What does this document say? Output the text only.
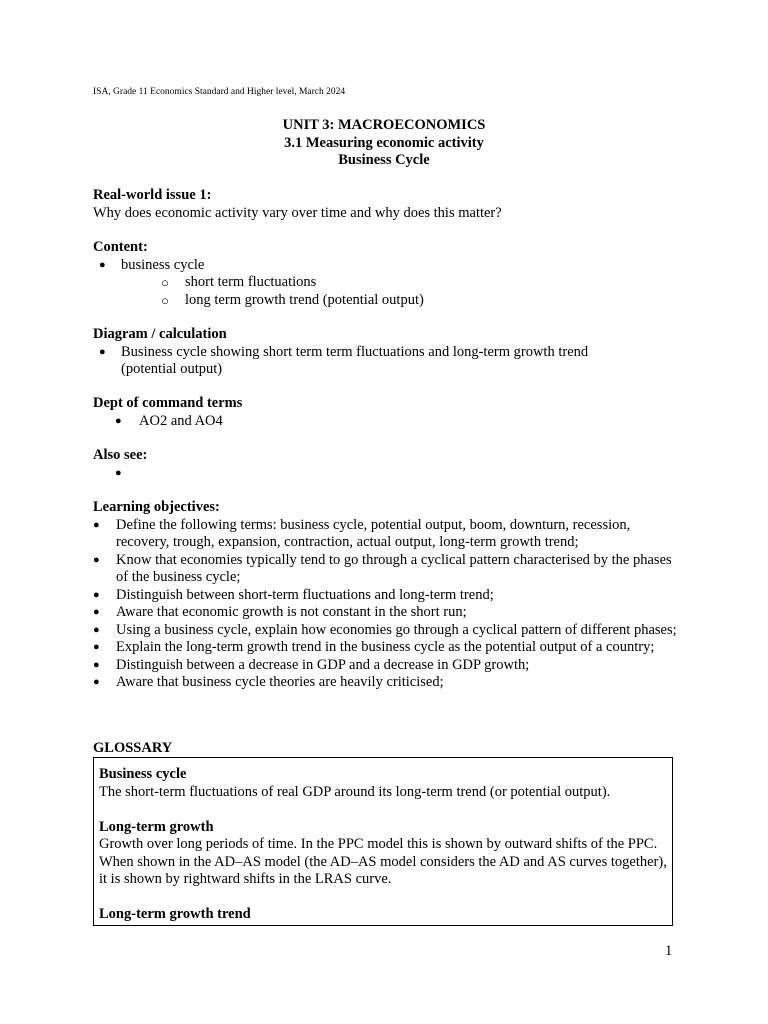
ISA, Grade 11 Economics Standard and Higher level, March 2024
UNIT 3: MACROECONOMICS
3.1 Measuring economic activity
Business Cycle
Real-world issue 1:
Why does economic activity vary over time and why does this matter?
Content:
● business cycle
○ short term fluctuations
○ long term growth trend (potential output)
Diagram / calculation
● Business cycle showing short term term fluctuations and long-term growth trend (potential output)
Dept of command terms
● AO2 and AO4
Also see:
●
Learning objectives:
● Define the following terms: business cycle, potential output, boom, downturn, recession, recovery, trough, expansion, contraction, actual output, long-term growth trend;
● Know that economies typically tend to go through a cyclical pattern characterised by the phases of the business cycle;
● Distinguish between short-term fluctuations and long-term trend;
● Aware that economic growth is not constant in the short run;
● Using a business cycle, explain how economies go through a cyclical pattern of different phases;
● Explain the long-term growth trend in the business cycle as the potential output of a country;
● Distinguish between a decrease in GDP and a decrease in GDP growth;
● Aware that business cycle theories are heavily criticised;
GLOSSARY
Business cycle
The short-term fluctuations of real GDP around its long-term trend (or potential output).
Long-term growth
Growth over long periods of time. In the PPC model this is shown by outward shifts of the PPC. When shown in the AD–AS model (the AD–AS model considers the AD and AS curves together), it is shown by rightward shifts in the LRAS curve.
Long-term growth trend
1
